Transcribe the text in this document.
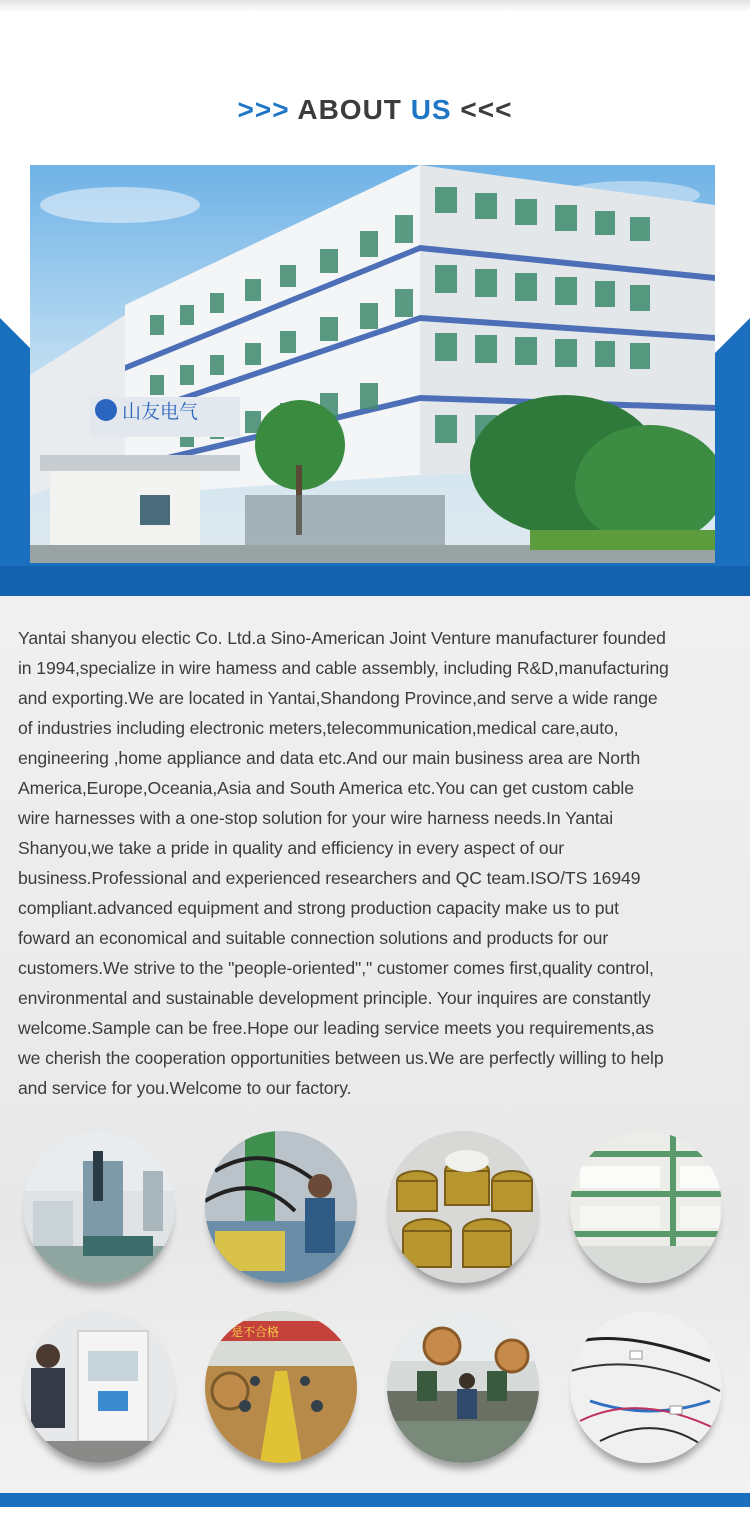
>>> ABOUT US <<<
山友电气

Yantai shanyou electic Co. Ltd.a Sino-American Joint Venture manufacturer founded
in 1994,specialize in wire hamess and cable assembly, including R&D,manufacturing
and exporting.We are located in Yantai,Shandong Province,and serve a wide range
of industries including electronic meters,telecommunication,medical care,auto,
engineering ,home appliance and data etc.And our main business area are North
America,Europe,Oceania,Asia and South America etc.You can get custom cable
wire harnesses with a one-stop solution for your wire harness needs.In Yantai
Shanyou,we take a pride in quality and efficiency in every aspect of our
business.Professional and experienced researchers and QC team.ISO/TS 16949
compliant.advanced equipment and strong production capacity make us to put
foward an economical and suitable connection solutions and products for our
customers.We strive to the "people-oriented"," customer comes first,quality control,
environmental and sustainable development principle. Your inquires are constantly
welcome.Sample can be free.Hope our leading service meets you requirements,as
we cherish the cooperation opportunities between us.We are perfectly willing to help
and service for you.Welcome to our factory.

是不合格
